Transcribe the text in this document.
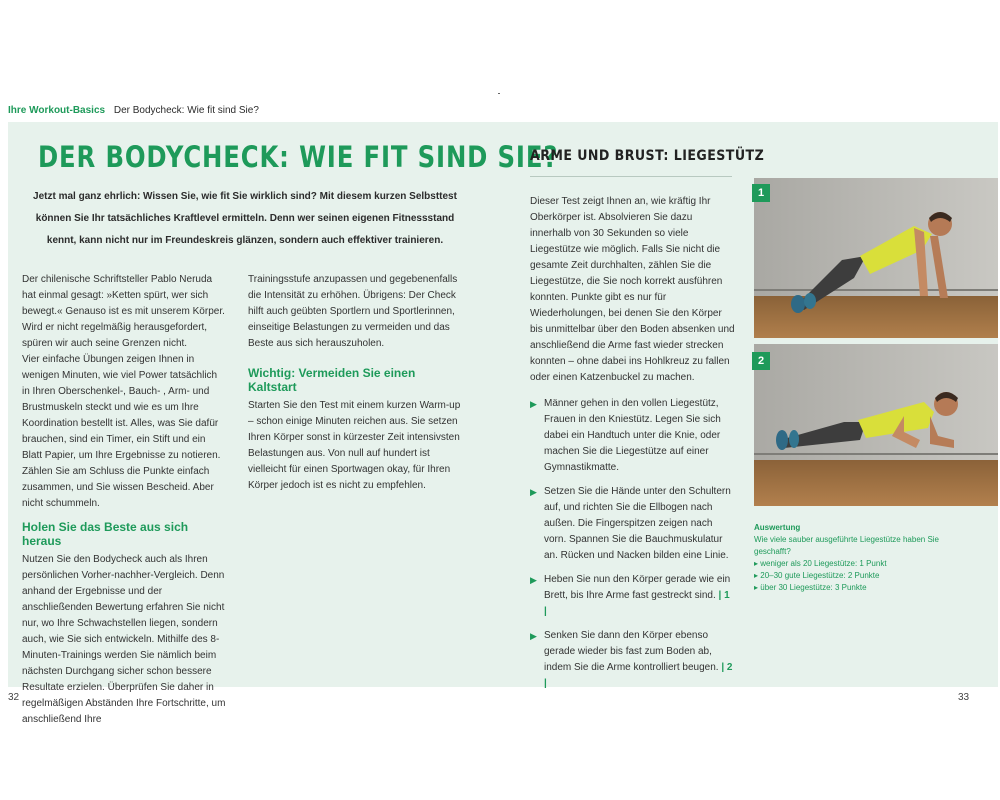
Ihre Workout-Basics Der Bodycheck: Wie fit sind Sie?
DER BODYCHECK: WIE FIT SIND SIE?

Jetzt mal ganz ehrlich: Wissen Sie, wie fit Sie wirklich sind? Mit diesem kurzen Selbsttest können Sie Ihr tatsächliches Kraftlevel ermitteln. Denn wer seinen eigenen Fitnessstand kennt, kann nicht nur im Freundeskreis glänzen, sondern auch effektiver trainieren.

Der chilenische Schriftsteller Pablo Neruda hat einmal gesagt: »Ketten spürt, wer sich bewegt.« Genauso ist es mit unserem Körper. Wird er nicht regelmäßig herausgefordert, spüren wir auch seine Grenzen nicht.

Vier einfache Übungen zeigen Ihnen in wenigen Minuten, wie viel Power tatsächlich in Ihren Oberschenkel-, Bauch- , Arm- und Brustmuskeln steckt und wie es um Ihre Koordination bestellt ist. Alles, was Sie dafür brauchen, sind ein Timer, ein Stift und ein Blatt Papier, um Ihre Ergebnisse zu notieren. Zählen Sie am Schluss die Punkte einfach zusammen, und Sie wissen Bescheid. Aber nicht schummeln.

Holen Sie das Beste aus sich heraus

Nutzen Sie den Bodycheck auch als Ihren persönlichen Vorher-nachher-Vergleich. Denn anhand der Ergebnisse und der anschließenden Bewertung erfahren Sie nicht nur, wo Ihre Schwachstellen liegen, sondern auch, wie Sie sich entwickeln. Mithilfe des 8-Minuten-Trainings werden Sie nämlich beim nächsten Durchgang sicher schon bessere Resultate erzielen. Überprüfen Sie daher in regelmäßigen Abständen Ihre Fortschritte, um anschließend Ihre

Trainingsstufe anzupassen und gegebenenfalls die Intensität zu erhöhen. Übrigens: Der Check hilft auch geübten Sportlern und Sportlerinnen, einseitige Belastungen zu vermeiden und das Beste aus sich herauszuholen.

Wichtig: Vermeiden Sie einen Kaltstart

Starten Sie den Test mit einem kurzen Warm-up – schon einige Minuten reichen aus. Sie setzen Ihren Körper sonst in kürzester Zeit intensivsten Belastungen aus. Von null auf hundert ist vielleicht für einen Sportwagen okay, für Ihren Körper jedoch ist es nicht zu empfehlen.

32
ARME UND BRUST: LIEGESTÜTZ

Dieser Test zeigt Ihnen an, wie kräftig Ihr Oberkörper ist. Absolvieren Sie dazu innerhalb von 30 Sekunden so viele Liegestütze wie möglich. Falls Sie nicht die gesamte Zeit durchhalten, zählen Sie die Liegestütze, die Sie noch korrekt ausführen konnten. Punkte gibt es nur für Wiederholungen, bei denen Sie den Körper bis unmittelbar über den Boden absenken und anschließend die Arme fast wieder strecken konnten – ohne dabei ins Hohlkreuz zu fallen oder einen Katzenbuckel zu machen.

▶ Männer gehen in den vollen Liegestütz, Frauen in den Kniestütz. Legen Sie sich dabei ein Handtuch unter die Knie, oder machen Sie die Liegestütze auf einer Gymnastikmatte.
▶ Setzen Sie die Hände unter den Schultern auf, und richten Sie die Ellbogen nach außen. Die Fingerspitzen zeigen nach vorn. Spannen Sie die Bauchmuskulatur an. Rücken und Nacken bilden eine Linie.
▶ Heben Sie nun den Körper gerade wie ein Brett, bis Ihre Arme fast gestreckt sind. | 1 |
▶ Senken Sie dann den Körper ebenso gerade wieder bis fast zum Boden ab, indem Sie die Arme kontrolliert beugen. | 2 |
1
2
Auswertung
Wie viele sauber ausgeführte Liegestütze haben Sie geschafft?
▸ weniger als 20 Liegestütze: 1 Punkt
▸ 20–30 gute Liegestütze: 2 Punkte
▸ über 30 Liegestütze: 3 Punkte
33
